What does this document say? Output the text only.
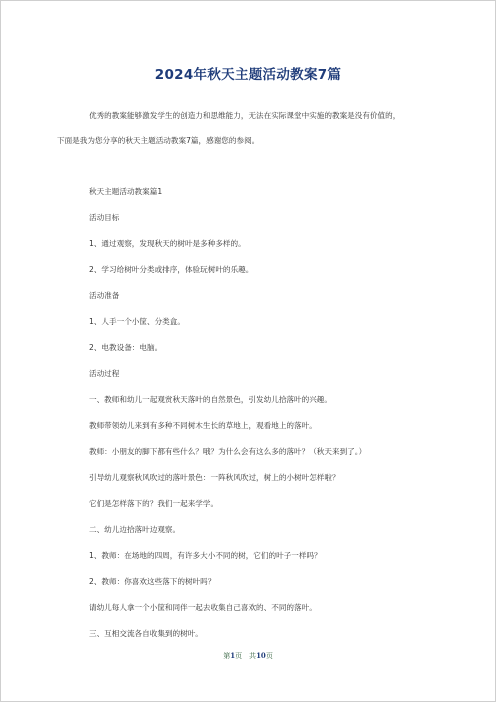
2024年秋天主题活动教案7篇
优秀的教案能够激发学生的创造力和思维能力，无法在实际课堂中实施的教案是没有价值的，
下面是我为您分享的秋天主题活动教案7篇，感谢您的参阅。
秋天主题活动教案篇1
活动目标
1、通过观察，发现秋天的树叶是多种多样的。
2、学习给树叶分类或排序，体验玩树叶的乐趣。
活动准备
1、人手一个小筐、分类盒。
2、电教设备：电脑。
活动过程
一、教师和幼儿一起观赏秋天落叶的自然景色，引发幼儿拾落叶的兴趣。
教师带领幼儿来到有多种不同树木生长的草地上，观看地上的落叶。
教师：小朋友的脚下都有些什么？哦？为什么会有这么多的落叶？（秋天来到了。）
引导幼儿观察秋风吹过的落叶景色：一阵秋风吹过，树上的小树叶怎样啦？
它们是怎样落下的？我们一起来学学。
二、幼儿边拾落叶边观察。
1、教师：在场地的四周，有许多大小不同的树，它们的叶子一样吗？
2、教师：你喜欢这些落下的树叶吗？
请幼儿每人拿一个小筐和同伴一起去收集自己喜欢的、不同的落叶。
三、互相交流各自收集到的树叶。
第1页　共10页
